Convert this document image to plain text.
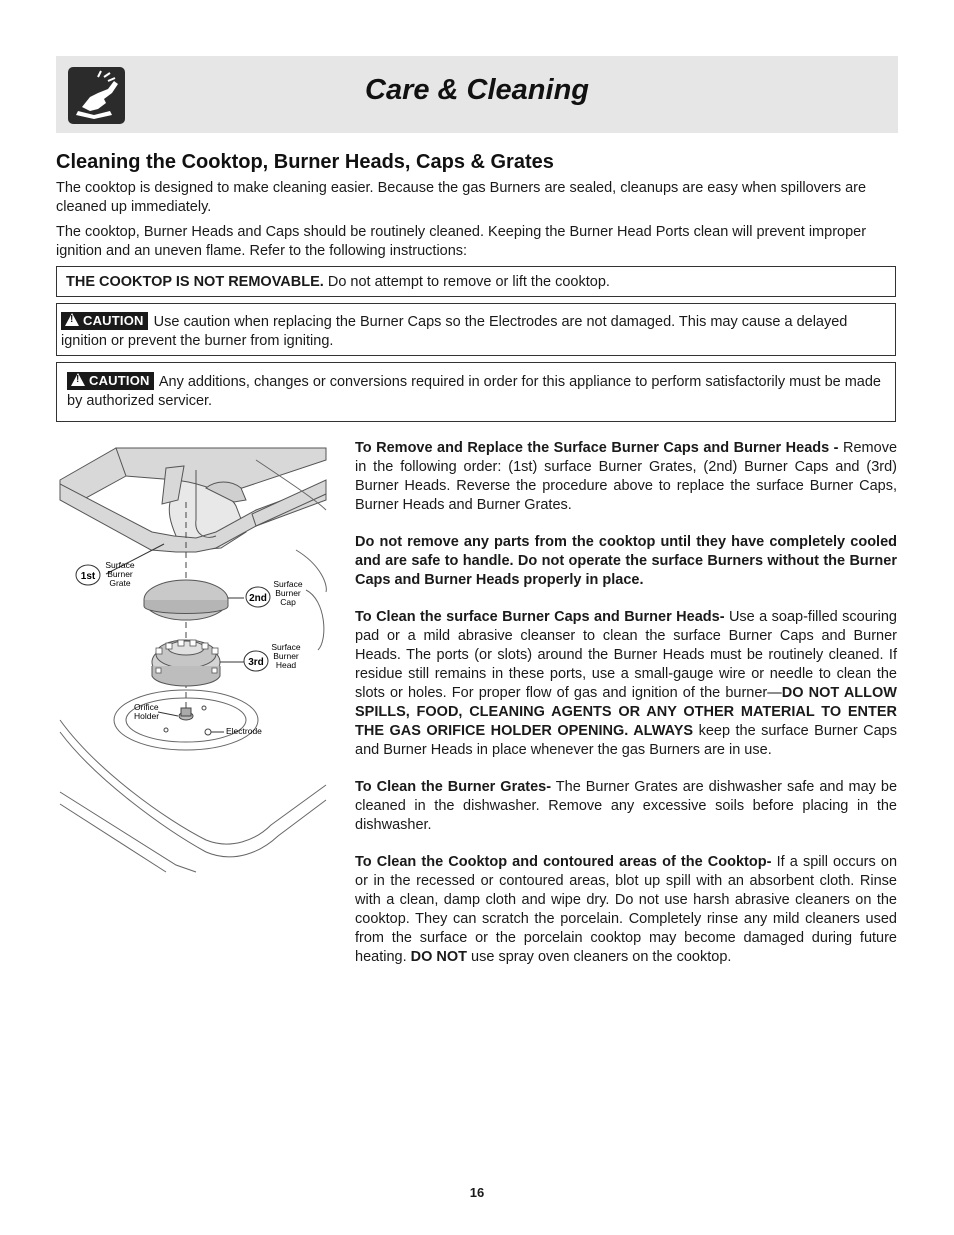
Care & Cleaning
Cleaning the Cooktop, Burner Heads, Caps & Grates

The cooktop is designed to make cleaning easier. Because the gas Burners are sealed, cleanups are easy when spillovers are cleaned up immediately.

The cooktop, Burner Heads and Caps should be routinely cleaned. Keeping the Burner Head Ports clean will prevent improper ignition and an uneven flame. Refer to the following instructions:

THE COOKTOP IS NOT REMOVABLE. Do not attempt to remove or lift the cooktop.
!CAUTION Use caution when replacing the Burner Caps so the Electrodes are not damaged. This may cause a delayed ignition or prevent the burner from igniting.
!CAUTION Any additions, changes or conversions required in order for this appliance to perform satisfactorily must be made by authorized servicer.
1st
Surface
Burner
Grate
2nd
Surface
Burner
Cap
3rd
Surface
Burner
Head
Orifice
Holder
Electrode

To Remove and Replace the Surface Burner Caps and Burner Heads - Remove in the following order: (1st) surface Burner Grates, (2nd) Burner Caps and (3rd) Burner Heads. Reverse the procedure above to replace the surface Burner Caps, Burner Heads and Burner Grates.

Do not remove any parts from the cooktop until they have completely cooled and are safe to handle. Do not operate the surface Burners without the Burner Caps and Burner Heads properly in place.

To Clean the surface Burner Caps and Burner Heads- Use a soap-filled scouring pad or a mild abrasive cleanser to clean the surface Burner Caps and Burner Heads. The ports (or slots) around the Burner Heads must be routinely cleaned. If residue still remains in these ports, use a small-gauge wire or needle to clean the slots or holes. For proper flow of gas and ignition of the burner—DO NOT ALLOW SPILLS, FOOD, CLEANING AGENTS OR ANY OTHER MATERIAL TO ENTER THE GAS ORIFICE HOLDER OPENING. ALWAYS keep the surface Burner Caps and Burner Heads in place whenever the gas Burners are in use.

To Clean the Burner Grates- The Burner Grates are dishwasher safe and may be cleaned in the dishwasher. Remove any excessive soils before placing in the dishwasher.

To Clean the Cooktop and contoured areas of the Cooktop- If a spill occurs on or in the recessed or contoured areas, blot up spill with an absorbent cloth. Rinse with a clean, damp cloth and wipe dry. Do not use harsh abrasive cleaners on the cooktop. They can scratch the porcelain. Completely rinse any mild cleaners used from the surface or the porcelain cooktop may become damaged during future heating. DO NOT use spray oven cleaners on the cooktop.

16
